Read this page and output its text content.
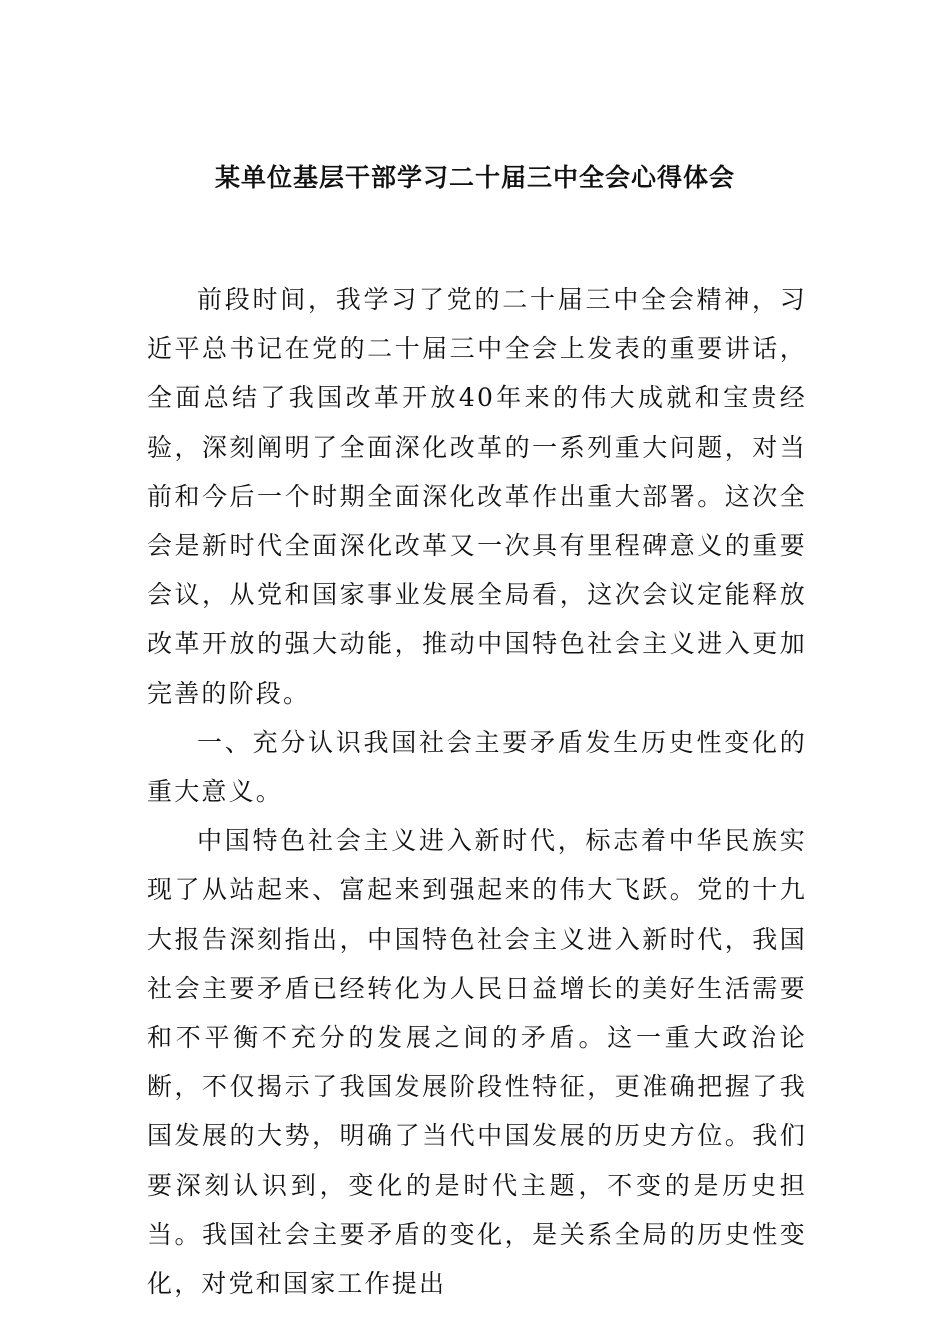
某单位基层干部学习二十届三中全会心得体会

前段时间，我学习了党的二十届三中全会精神，习近平总书记在党的二十届三中全会上发表的重要讲话，全面总结了我国改革开放40年来的伟大成就和宝贵经验，深刻阐明了全面深化改革的一系列重大问题，对当前和今后一个时期全面深化改革作出重大部署。这次全会是新时代全面深化改革又一次具有里程碑意义的重要会议，从党和国家事业发展全局看，这次会议定能释放改革开放的强大动能，推动中国特色社会主义进入更加完善的阶段。

一、充分认识我国社会主要矛盾发生历史性变化的重大意义。

中国特色社会主义进入新时代，标志着中华民族实现了从站起来、富起来到强起来的伟大飞跃。党的十九大报告深刻指出，中国特色社会主义进入新时代，我国社会主要矛盾已经转化为人民日益增长的美好生活需要和不平衡不充分的发展之间的矛盾。这一重大政治论断，不仅揭示了我国发展阶段性特征，更准确把握了我国发展的大势，明确了当代中国发展的历史方位。我们要深刻认识到，变化的是时代主题，不变的是历史担当。我国社会主要矛盾的变化，是关系全局的历史性变化，对党和国家工作提出
